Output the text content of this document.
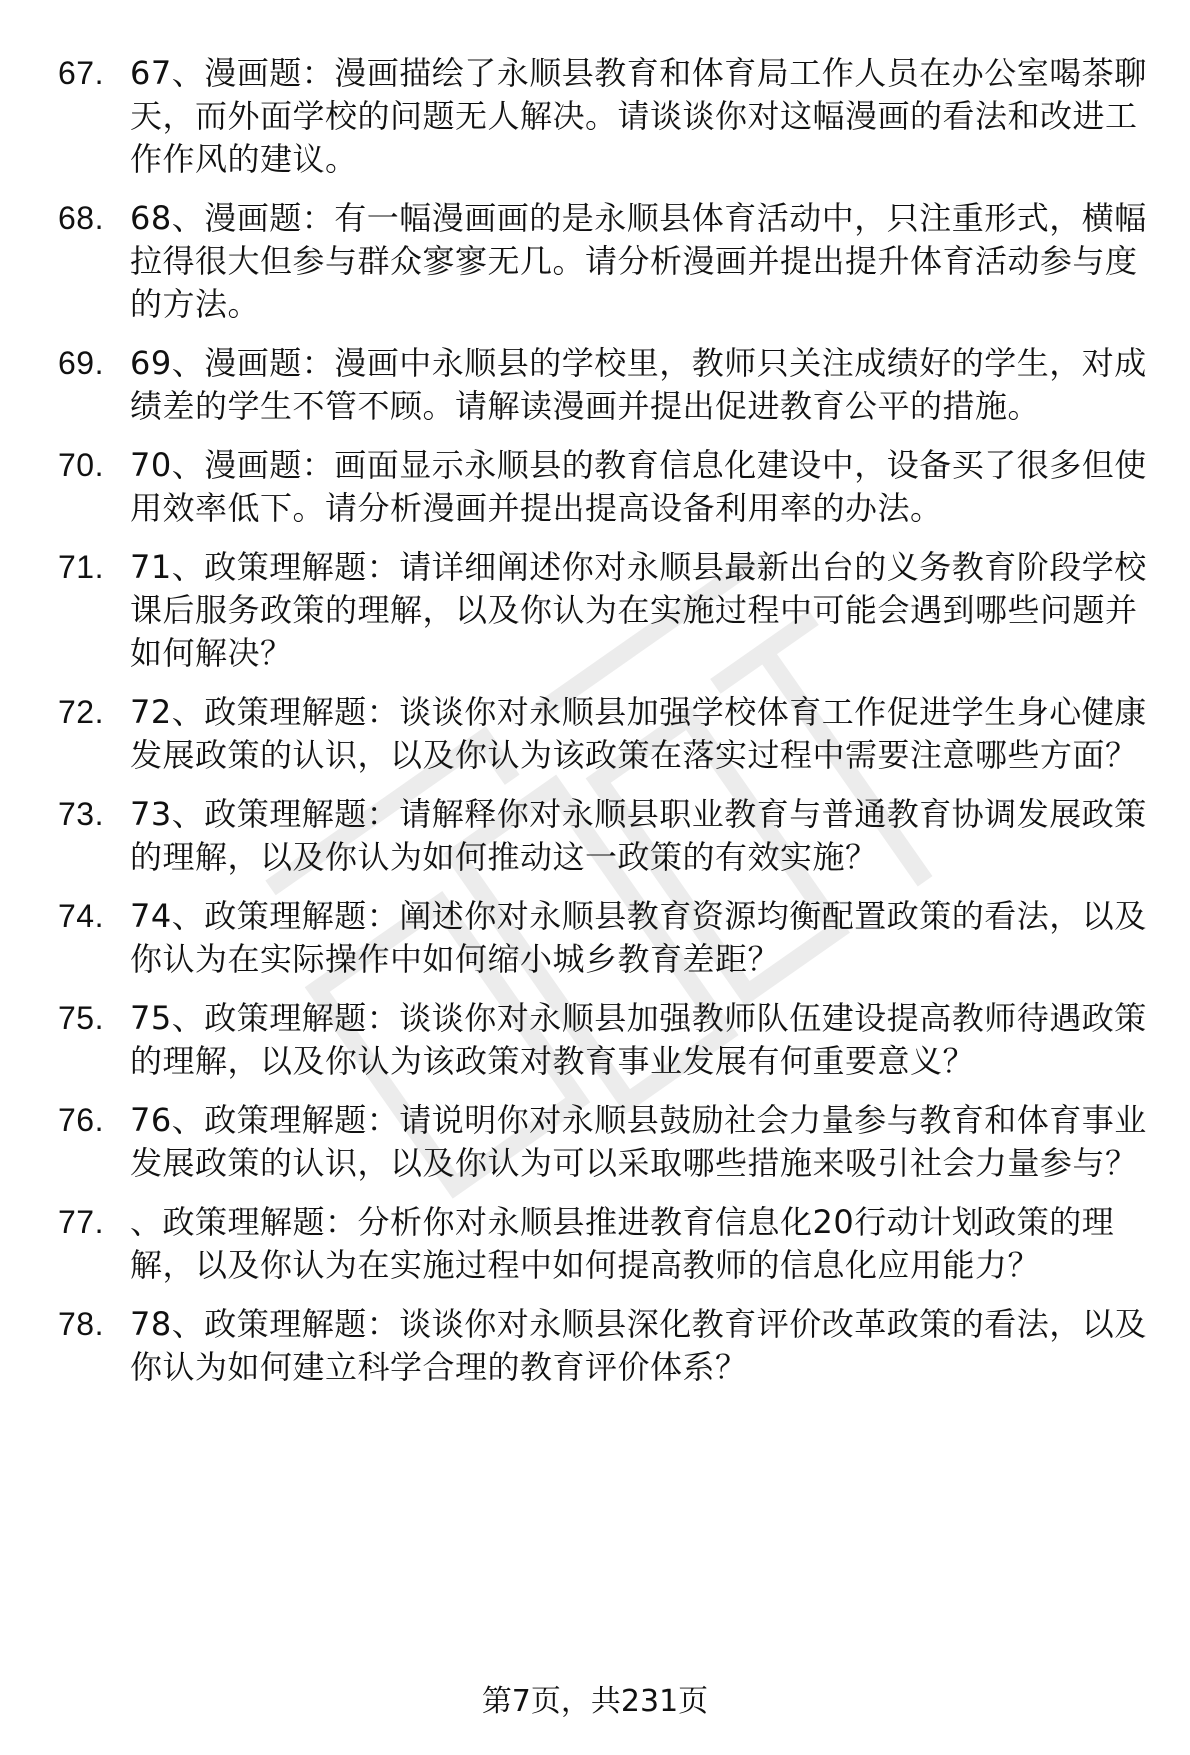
67. 67、漫画题：漫画描绘了永顺县教育和体育局工作人员在办公室喝茶聊天，而外面学校的问题无人解决。请谈谈你对这幅漫画的看法和改进工作作风的建议。
68. 68、漫画题：有一幅漫画画的是永顺县体育活动中，只注重形式，横幅拉得很大但参与群众寥寥无几。请分析漫画并提出提升体育活动参与度的方法。
69. 69、漫画题：漫画中永顺县的学校里，教师只关注成绩好的学生，对成绩差的学生不管不顾。请解读漫画并提出促进教育公平的措施。
70. 70、漫画题：画面显示永顺县的教育信息化建设中，设备买了很多但使用效率低下。请分析漫画并提出提高设备利用率的办法。
71. 71、政策理解题：请详细阐述你对永顺县最新出台的义务教育阶段学校课后服务政策的理解，以及你认为在实施过程中可能会遇到哪些问题并如何解决？
72. 72、政策理解题：谈谈你对永顺县加强学校体育工作促进学生身心健康发展政策的认识，以及你认为该政策在落实过程中需要注意哪些方面？
73. 73、政策理解题：请解释你对永顺县职业教育与普通教育协调发展政策的理解，以及你认为如何推动这一政策的有效实施？
74. 74、政策理解题：阐述你对永顺县教育资源均衡配置政策的看法，以及你认为在实际操作中如何缩小城乡教育差距？
75. 75、政策理解题：谈谈你对永顺县加强教师队伍建设提高教师待遇政策的理解，以及你认为该政策对教育事业发展有何重要意义？
76. 76、政策理解题：请说明你对永顺县鼓励社会力量参与教育和体育事业发展政策的认识，以及你认为可以采取哪些措施来吸引社会力量参与？
77. 、政策理解题：分析你对永顺县推进教育信息化20行动计划政策的理解，以及你认为在实施过程中如何提高教师的信息化应用能力？
78. 78、政策理解题：谈谈你对永顺县深化教育评价改革政策的看法，以及你认为如何建立科学合理的教育评价体系？
第7页，共231页
